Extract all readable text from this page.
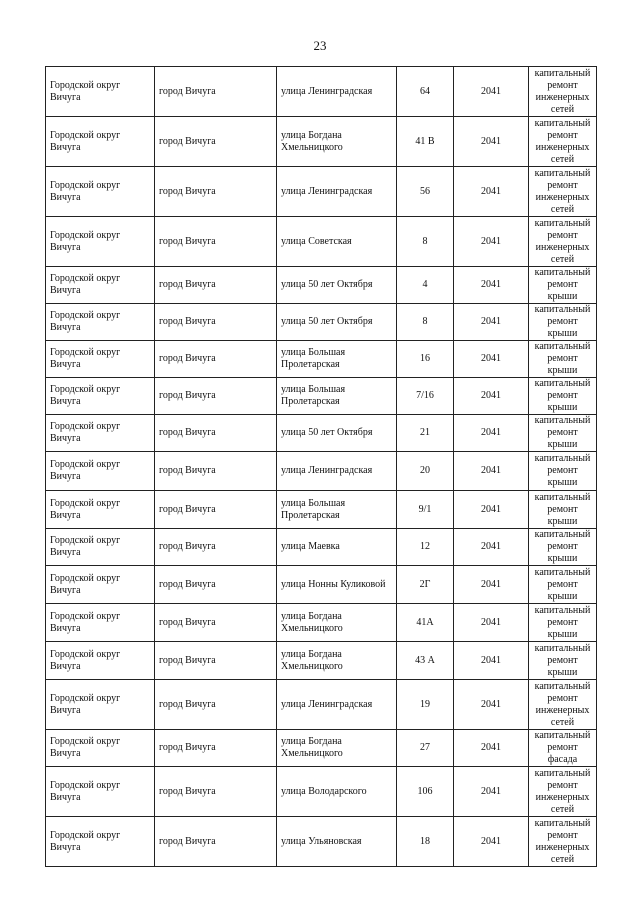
23
Городской округ Вичуга	город Вичуга	улица Ленинградская	64	2041	капитальный ремонт инженерных сетей
Городской округ Вичуга	город Вичуга	улица Богдана Хмельницкого	41 В	2041	капитальный ремонт инженерных сетей
Городской округ Вичуга	город Вичуга	улица Ленинградская	56	2041	капитальный ремонт инженерных сетей
Городской округ Вичуга	город Вичуга	улица Советская	8	2041	капитальный ремонт инженерных сетей
Городской округ Вичуга	город Вичуга	улица 50 лет Октября	4	2041	капитальный ремонт крыши
Городской округ Вичуга	город Вичуга	улица 50 лет Октября	8	2041	капитальный ремонт крыши
Городской округ Вичуга	город Вичуга	улица Большая Пролетарская	16	2041	капитальный ремонт крыши
Городской округ Вичуга	город Вичуга	улица Большая Пролетарская	7/16	2041	капитальный ремонт крыши
Городской округ Вичуга	город Вичуга	улица 50 лет Октября	21	2041	капитальный ремонт крыши
Городской округ Вичуга	город Вичуга	улица Ленинградская	20	2041	капитальный ремонт крыши
Городской округ Вичуга	город Вичуга	улица Большая Пролетарская	9/1	2041	капитальный ремонт крыши
Городской округ Вичуга	город Вичуга	улица Маевка	12	2041	капитальный ремонт крыши
Городской округ Вичуга	город Вичуга	улица Нонны Куликовой	2Г	2041	капитальный ремонт крыши
Городской округ Вичуга	город Вичуга	улица Богдана Хмельницкого	41А	2041	капитальный ремонт крыши
Городской округ Вичуга	город Вичуга	улица Богдана Хмельницкого	43 А	2041	капитальный ремонт крыши
Городской округ Вичуга	город Вичуга	улица Ленинградская	19	2041	капитальный ремонт инженерных сетей
Городской округ Вичуга	город Вичуга	улица Богдана Хмельницкого	27	2041	капитальный ремонт фасада
Городской округ Вичуга	город Вичуга	улица Володарского	106	2041	капитальный ремонт инженерных сетей
Городской округ Вичуга	город Вичуга	улица Ульяновская	18	2041	капитальный ремонт инженерных сетей
